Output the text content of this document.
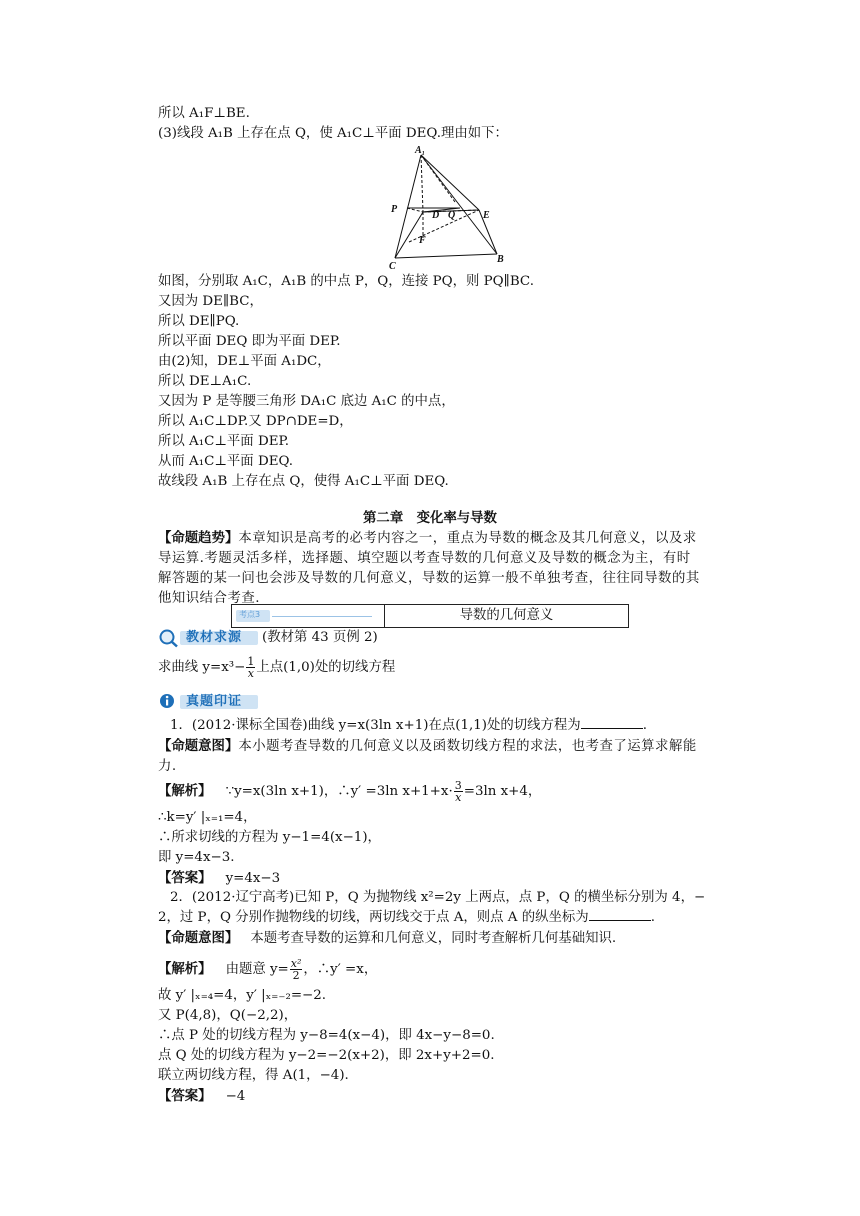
所以 A₁F⊥BE.
(3)线段 A₁B 上存在点 Q，使 A₁C⊥平面 DEQ.理由如下：
A₁
P
D Q	E
F
C
B
如图，分别取 A₁C，A₁B 的中点 P，Q，连接 PQ，则 PQ∥BC.
又因为 DE∥BC，
所以 DE∥PQ.
所以平面 DEQ 即为平面 DEP.
由(2)知，DE⊥平面 A₁DC，
所以 DE⊥A₁C.
又因为 P 是等腰三角形 DA₁C 底边 A₁C 的中点，
所以 A₁C⊥DP.又 DP∩DE=D，
所以 A₁C⊥平面 DEP.
从而 A₁C⊥平面 DEQ.
故线段 A₁B 上存在点 Q，使得 A₁C⊥平面 DEQ.
第二章　变化率与导数
【命题趋势】本章知识是高考的必考内容之一，重点为导数的概念及其几何意义，以及求导运算.考题灵活多样，选择题、填空题以考查导数的几何意义及导数的概念为主，有时解答题的某一问也会涉及导数的几何意义，导数的运算一般不单独考查，往往同导数的其他知识结合考查.
考点3	导数的几何意义
教材求源 (教材第 43 页例 2)
求曲线 $y=x^3- \frac{1}{x}$ 上点(1,0)处的切线方程
真题印证
1．(2012·课标全国卷)曲线 y=x(3ln x+1)在点(1,1)处的切线方程为	.
【命题意图】本小题考查导数的几何意义以及函数切线方程的求法，也考查了运算求解能力.
【解析】 ∵y=x(3ln x+1)，∴y′ =3ln $x+1+x\cdot \frac{3}{x} =3\ln$ x+4，
∴k=y′ |ₓ₌₁=4，
∴所求切线的方程为 y−1=4(x−1)，
即 y=4x−3.
【答案】 y=4x−3
2．(2012·辽宁高考)已知 P，Q 为抛物线 x²=2y 上两点，点 P，Q 的横坐标分别为 4，−
2，过 P，Q 分别作抛物线的切线，两切线交于点 A，则点 A 的纵坐标为	.
【命题意图】 本题考查导数的运算和几何意义，同时考查解析几何基础知识.
【解析】 由题意 $y= \frac{\text{x²}}{2}$ ，∴y′ =x，
故 y′ |ₓ₌₄=4，y′ |ₓ₌₋₂=−2.
又 P(4,8)，Q(−2,2)，
∴点 P 处的切线方程为 y−8=4(x−4)，即 4x−y−8=0.
点 Q 处的切线方程为 y−2=−2(x+2)，即 2x+y+2=0.
联立两切线方程，得 A(1，−4).
【答案】 −4
